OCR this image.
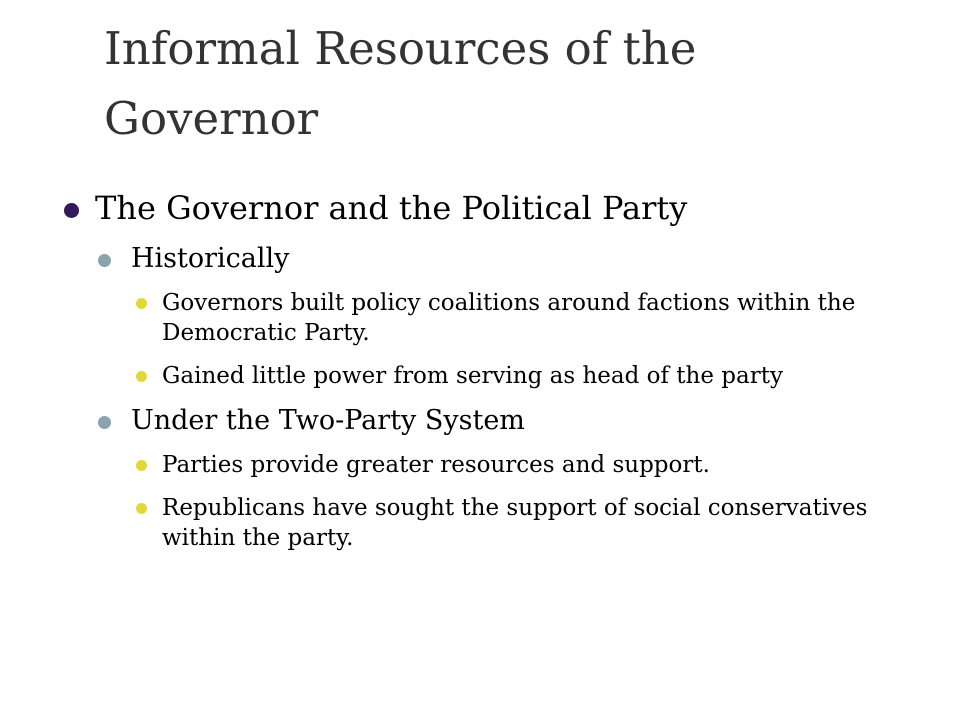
Informal Resources of the Governor
The Governor and the Political Party
Historically
Governors built policy coalitions around factions within the Democratic Party.
Gained little power from serving as head of the party
Under the Two-Party System
Parties provide greater resources and support.
Republicans have sought the support of social conservatives within the party.
